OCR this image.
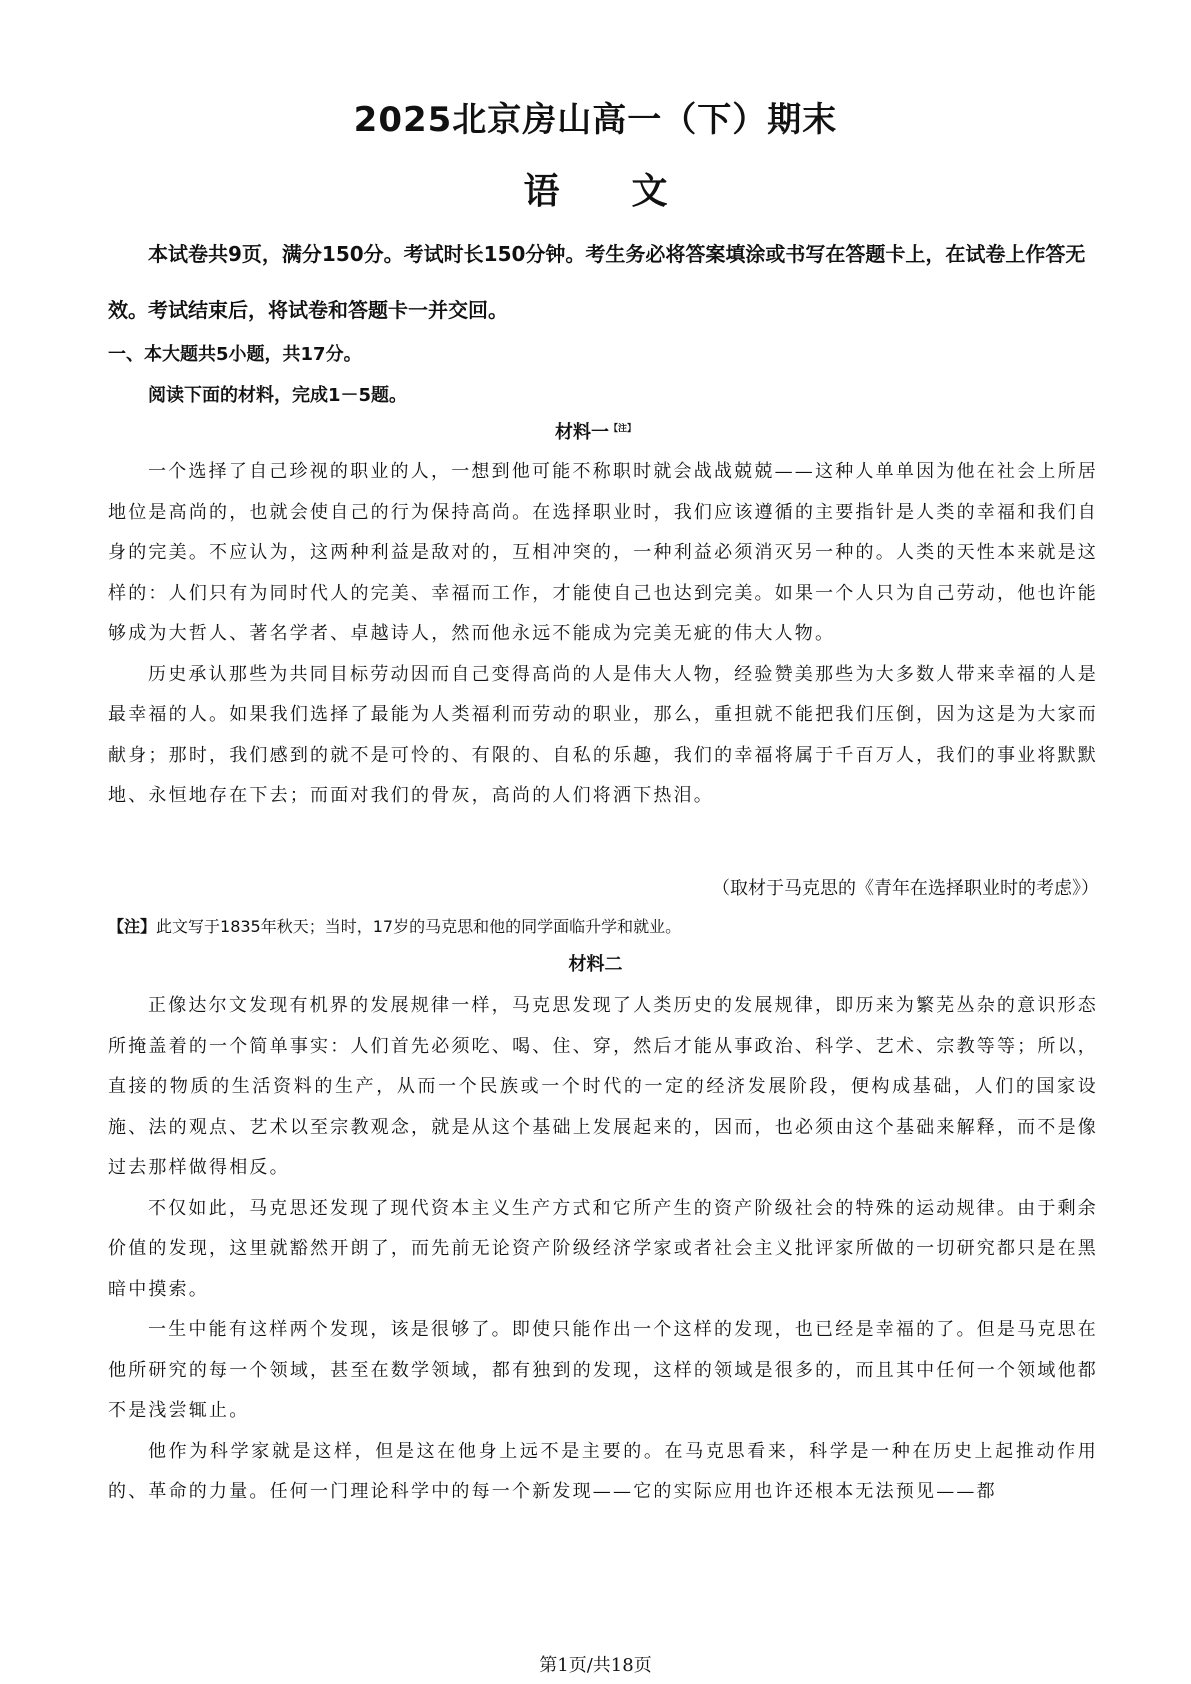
2025北京房山高一（下）期末
语 文

本试卷共9页，满分150分。考试时长150分钟。考生务必将答案填涂或书写在答题卡上，在试卷上作答无效。考试结束后，将试卷和答题卡一并交回。

一、本大题共5小题，共17分。

阅读下面的材料，完成1－5题。

材料一$^{【注】}$

一个选择了自己珍视的职业的人，一想到他可能不称职时就会战战兢兢——这种人单单因为他在社会上所居地位是高尚的，也就会使自己的行为保持高尚。在选择职业时，我们应该遵循的主要指针是人类的幸福和我们自身的完美。不应认为，这两种利益是敌对的，互相冲突的，一种利益必须消灭另一种的。人类的天性本来就是这样的：人们只有为同时代人的完美、幸福而工作，才能使自己也达到完美。如果一个人只为自己劳动，他也许能够成为大哲人、著名学者、卓越诗人，然而他永远不能成为完美无疵的伟大人物。

历史承认那些为共同目标劳动因而自己变得高尚的人是伟大人物，经验赞美那些为大多数人带来幸福的人是最幸福的人。如果我们选择了最能为人类福利而劳动的职业，那么，重担就不能把我们压倒，因为这是为大家而献身；那时，我们感到的就不是可怜的、有限的、自私的乐趣，我们的幸福将属于千百万人，我们的事业将默默地、永恒地存在下去；而面对我们的骨灰，高尚的人们将洒下热泪。

（取材于马克思的《青年在选择职业时的考虑》）

【注】此文写于1835年秋天；当时，17岁的马克思和他的同学面临升学和就业。

材料二

正像达尔文发现有机界的发展规律一样，马克思发现了人类历史的发展规律，即历来为繁芜丛杂的意识形态所掩盖着的一个简单事实：人们首先必须吃、喝、住、穿，然后才能从事政治、科学、艺术、宗教等等；所以，直接的物质的生活资料的生产，从而一个民族或一个时代的一定的经济发展阶段，便构成基础，人们的国家设施、法的观点、艺术以至宗教观念，就是从这个基础上发展起来的，因而，也必须由这个基础来解释，而不是像过去那样做得相反。

不仅如此，马克思还发现了现代资本主义生产方式和它所产生的资产阶级社会的特殊的运动规律。由于剩余价值的发现，这里就豁然开朗了，而先前无论资产阶级经济学家或者社会主义批评家所做的一切研究都只是在黑暗中摸索。

一生中能有这样两个发现，该是很够了。即使只能作出一个这样的发现，也已经是幸福的了。但是马克思在他所研究的每一个领域，甚至在数学领域，都有独到的发现，这样的领域是很多的，而且其中任何一个领域他都不是浅尝辄止。

他作为科学家就是这样，但是这在他身上远不是主要的。在马克思看来，科学是一种在历史上起推动作用的、革命的力量。任何一门理论科学中的每一个新发现——它的实际应用也许还根本无法预见——都

第1页/共18页
